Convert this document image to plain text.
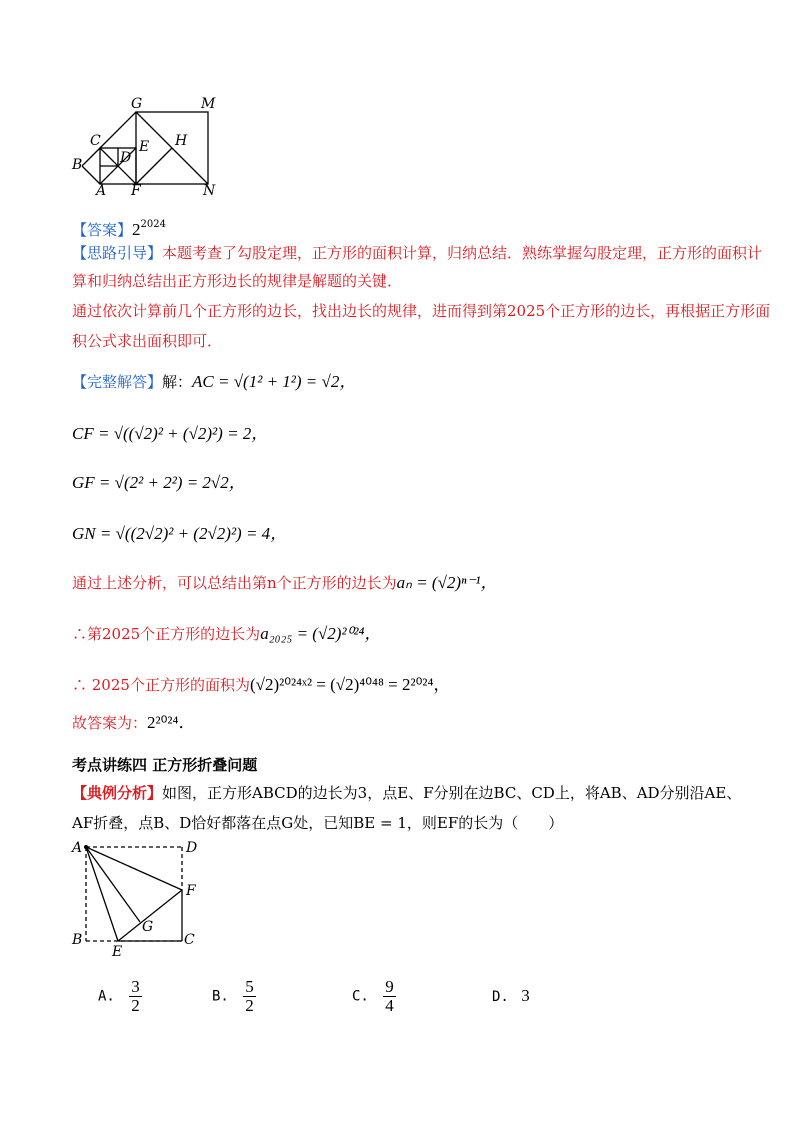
G	M
C	E H
D
B
A F	N
【答案】$2^{2024}$
【思路引导】本题考查了勾股定理，正方形的面积计算，归纳总结．熟练掌握勾股定理，正方形的面积计
算和归纳总结出正方形边长的规律是解题的关键．
通过依次计算前几个正方形的边长，找出边长的规律，进而得到第2025个正方形的边长，再根据正方形面
积公式求出面积即可．
【完整解答】解：AC = √(1² + 1²) = √2，
CF = √((√2)² + (√2)²) = 2，
GF = √(2² + 2²) = 2√2，
GN = √((2√2)² + (2√2)²) = 4，
通过上述分析，可以总结出第n个正方形的边长为aₙ = (√2)ⁿ⁻¹，
∴第2025个正方形的边长为a₂₀₂₅ = (√2)²⁰²⁴，
∴ 2025个正方形的面积为(√2)²⁰²⁴ˣ² = (√2)⁴⁰⁴⁸ = 2²⁰²⁴，
故答案为：2²⁰²⁴．
考点讲练四 正方形折叠问题
【典例分析】如图，正方形ABCD的边长为3，点E、F分别在边BC、CD上，将AB、AD分别沿AE、
AF折叠，点B、D恰好都落在点G处，已知BE = 1，则EF的长为（　　）
A	D
F
G
B
E
C
A. $\frac{3}{2}$	B. $\frac{5}{2}$	C. $\frac{9}{4}$	D. 3
